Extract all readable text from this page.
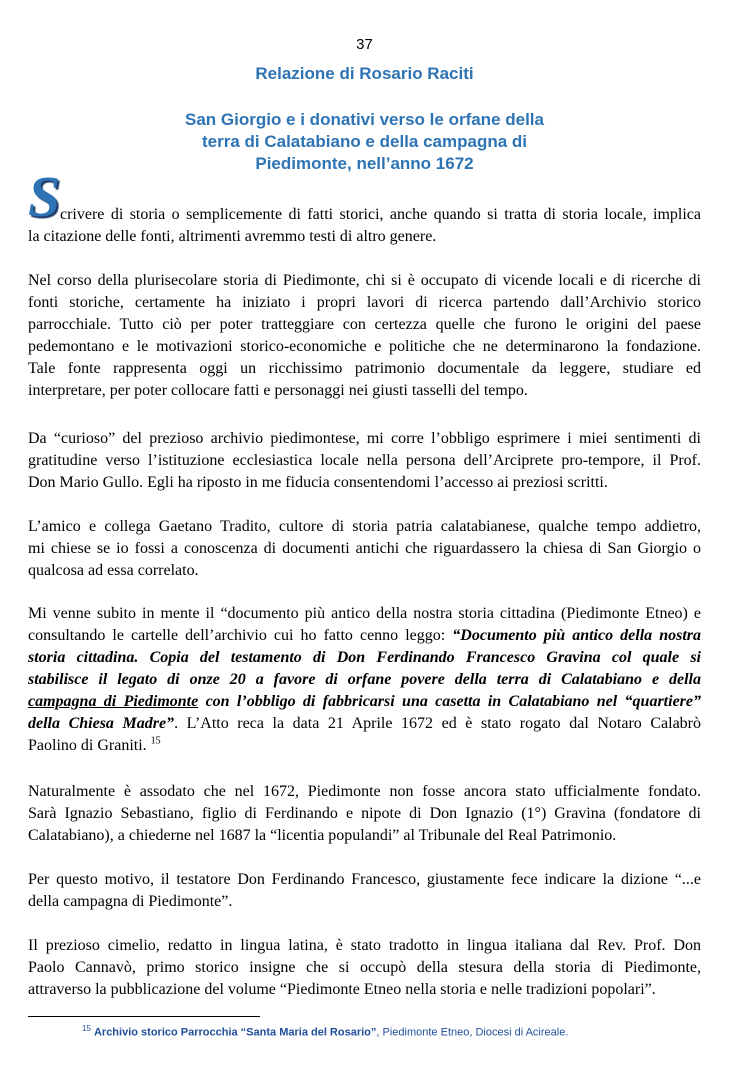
37
Relazione di Rosario Raciti
San Giorgio e i donativi verso le orfane della
terra di Calatabiano e della campagna di
Piedimonte, nell’anno 1672
S crivere di storia o semplicemente di fatti storici, anche quando si tratta di storia locale, implica
la citazione delle fonti, altrimenti avremmo testi di altro genere.
Nel corso della plurisecolare storia di Piedimonte, chi si è occupato di vicende locali e di ricerche di
fonti storiche, certamente ha iniziato i propri lavori di ricerca partendo dall’Archivio storico
parrocchiale. Tutto ciò per poter tratteggiare con certezza quelle che furono le origini del paese
pedemontano e le motivazioni storico-economiche e politiche che ne determinarono la fondazione.
Tale fonte rappresenta oggi un ricchissimo patrimonio documentale da leggere, studiare ed
interpretare, per poter collocare fatti e personaggi nei giusti tasselli del tempo.
Da “curioso” del prezioso archivio piedimontese, mi corre l’obbligo esprimere i miei sentimenti di
gratitudine verso l’istituzione ecclesiastica locale nella persona dell’Arciprete pro-tempore, il Prof.
Don Mario Gullo. Egli ha riposto in me fiducia consentendomi l’accesso ai preziosi scritti.
L’amico e collega Gaetano Tradito, cultore di storia patria calatabianese, qualche tempo addietro,
mi chiese se io fossi a conoscenza di documenti antichi che riguardassero la chiesa di San Giorgio o
qualcosa ad essa correlato.
Mi venne subito in mente il “documento più antico della nostra storia cittadina (Piedimonte Etneo) e
consultando le cartelle dell’archivio cui ho fatto cenno leggo: “Documento più antico della nostra
storia cittadina. Copia del testamento di Don Ferdinando Francesco Gravina col quale si
stabilisce il legato di onze 20 a favore di orfane povere della terra di Calatabiano e della
campagna di Piedimonte con l’obbligo di fabbricarsi una casetta in Calatabiano nel “quartiere”
della Chiesa Madre”. L’Atto reca la data 21 Aprile 1672 ed è stato rogato dal Notaro Calabrò
Paolino di Graniti. $^{15}$
Naturalmente è assodato che nel 1672, Piedimonte non fosse ancora stato ufficialmente fondato.
Sarà Ignazio Sebastiano, figlio di Ferdinando e nipote di Don Ignazio (1°) Gravina (fondatore di
Calatabiano), a chiederne nel 1687 la “licentia populandi” al Tribunale del Real Patrimonio.
Per questo motivo, il testatore Don Ferdinando Francesco, giustamente fece indicare la dizione “...e
della campagna di Piedimonte”.
Il prezioso cimelio, redatto in lingua latina, è stato tradotto in lingua italiana dal Rev. Prof. Don
Paolo Cannavò, primo storico insigne che si occupò della stesura della storia di Piedimonte,
attraverso la pubblicazione del volume “Piedimonte Etneo nella storia e nelle tradizioni popolari”.
$^{15}$ Archivio storico Parrocchia “Santa Maria del Rosario”, Piedimonte Etneo, Diocesi di Acireale.
